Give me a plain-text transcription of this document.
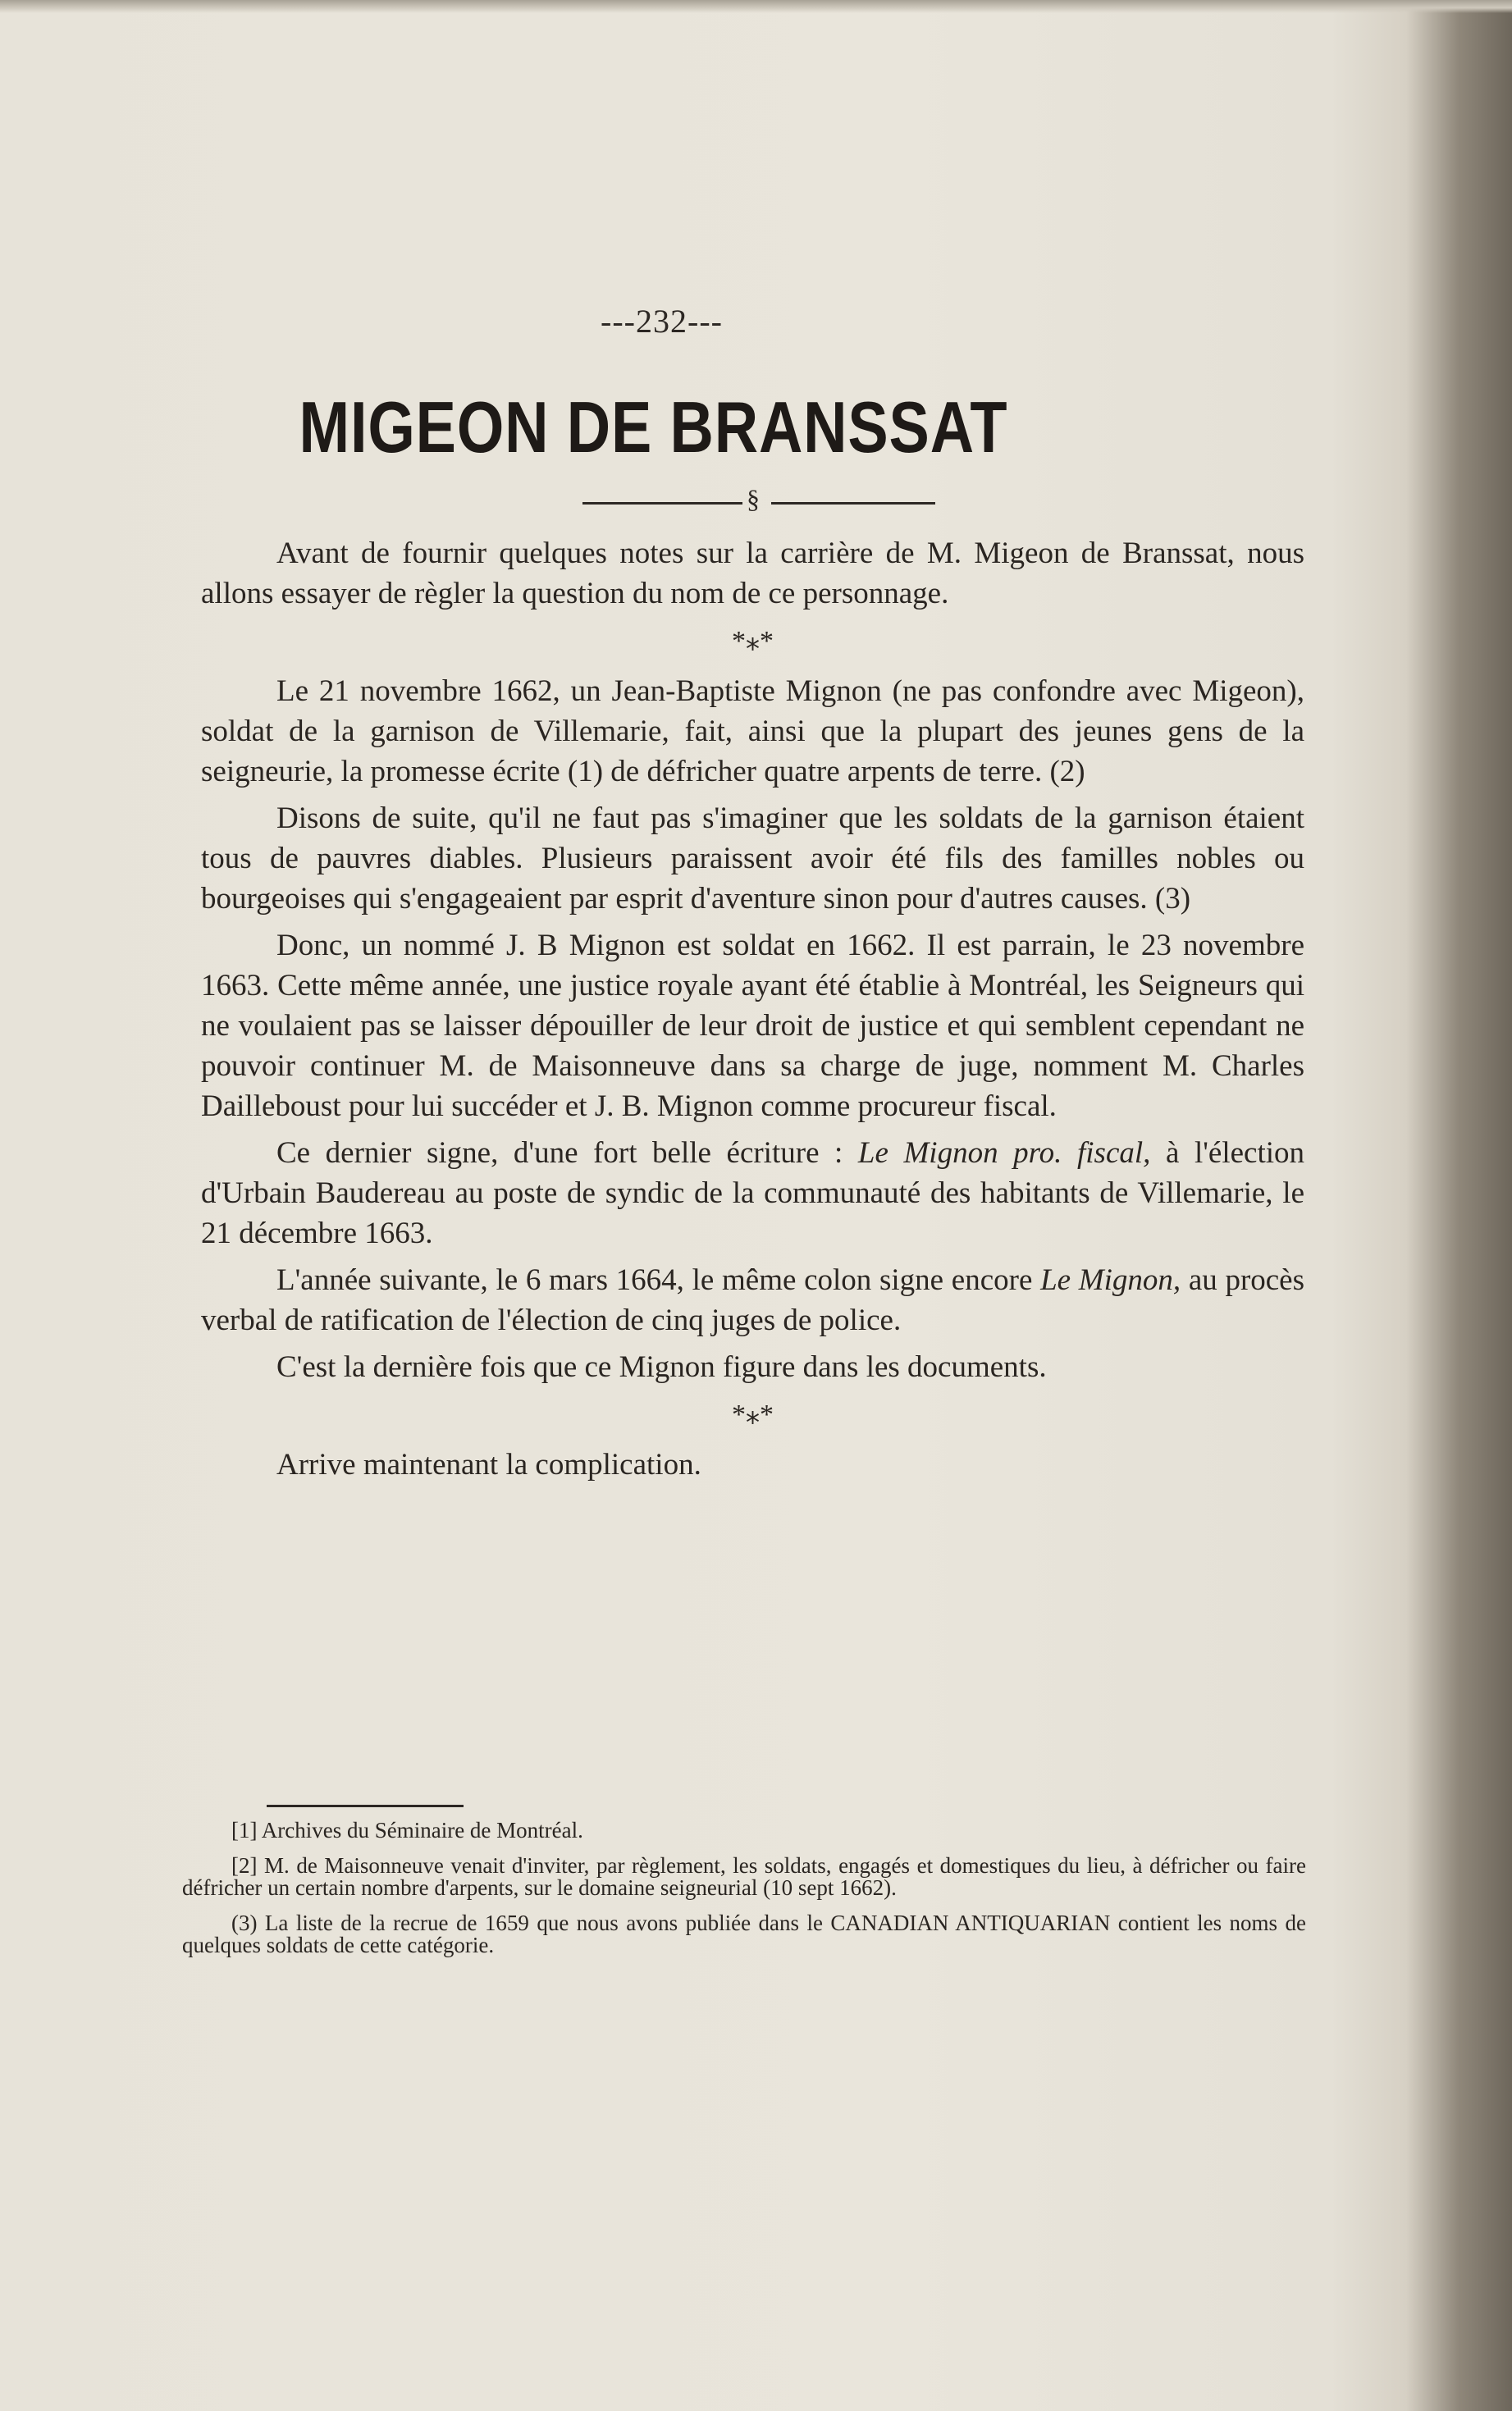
---232---
MIGEON DE BRANSSAT
§

Avant de fournir quelques notes sur la carrière de M. Migeon de Branssat, nous allons essayer de règler la question du nom de ce personnage.

*⁎*

Le 21 novembre 1662, un Jean-Baptiste Mignon (ne pas confondre avec Migeon), soldat de la garnison de Villemarie, fait, ainsi que la plupart des jeunes gens de la seigneurie, la promesse écrite (1) de défricher quatre arpents de terre. (2)

Disons de suite, qu'il ne faut pas s'imaginer que les soldats de la garnison étaient tous de pauvres diables. Plusieurs paraissent avoir été fils des familles nobles ou bourgeoises qui s'engageaient par esprit d'aventure sinon pour d'autres causes. (3)

Donc, un nommé J. B Mignon est soldat en 1662. Il est parrain, le 23 novembre 1663. Cette même année, une justice royale ayant été établie à Montréal, les Seigneurs qui ne voulaient pas se laisser dépouiller de leur droit de justice et qui semblent cependant ne pouvoir continuer M. de Maisonneuve dans sa charge de juge, nomment M. Charles Dailleboust pour lui succéder et J. B. Mignon comme procureur fiscal.

Ce dernier signe, d'une fort belle écriture : Le Mignon pro. fiscal, à l'élection d'Urbain Baudereau au poste de syndic de la communauté des habitants de Villemarie, le 21 décembre 1663.

L'année suivante, le 6 mars 1664, le même colon signe encore Le Mignon, au procès verbal de ratification de l'élection de cinq juges de police.

C'est la dernière fois que ce Mignon figure dans les documents.

*⁎*

Arrive maintenant la complication.

[1] Archives du Séminaire de Montréal.

[2] M. de Maisonneuve venait d'inviter, par règlement, les soldats, engagés et domestiques du lieu, à défricher ou faire défricher un certain nombre d'arpents, sur le domaine seigneurial (10 sept 1662).

(3) La liste de la recrue de 1659 que nous avons publiée dans le CANADIAN ANTIQUARIAN contient les noms de quelques soldats de cette catégorie.
